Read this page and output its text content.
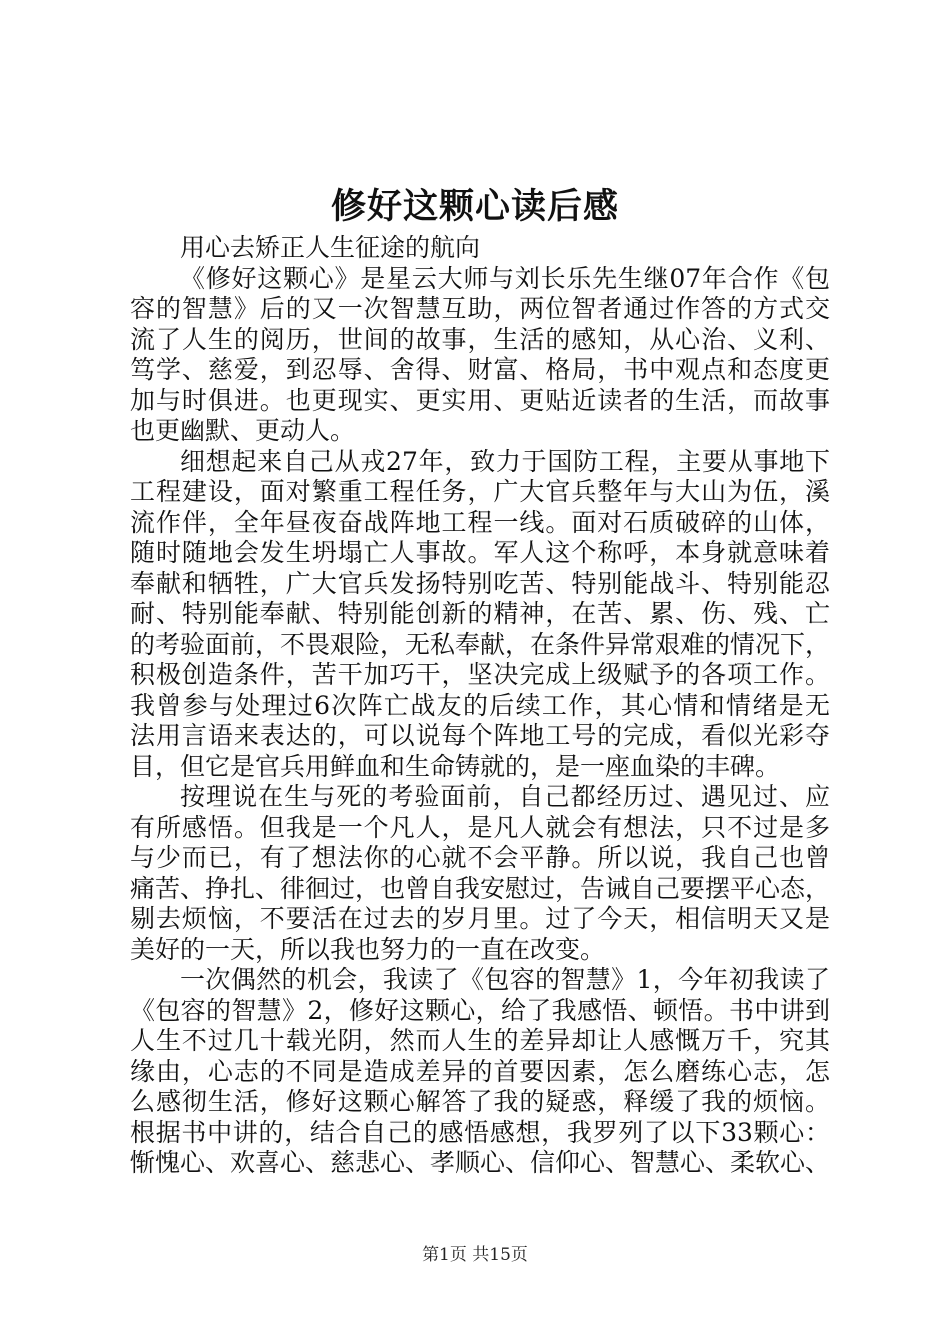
修好这颗心读后感
用心去矫正人生征途的航向
《修好这颗心》是星云大师与刘长乐先生继07年合作《包
容的智慧》后的又一次智慧互助，两位智者通过作答的方式交
流了人生的阅历，世间的故事，生活的感知，从心治、义利、
笃学、慈爱，到忍辱、舍得、财富、格局，书中观点和态度更
加与时俱进。也更现实、更实用、更贴近读者的生活，而故事
也更幽默、更动人。
细想起来自己从戎27年，致力于国防工程，主要从事地下
工程建设，面对繁重工程任务，广大官兵整年与大山为伍，溪
流作伴，全年昼夜奋战阵地工程一线。面对石质破碎的山体，
随时随地会发生坍塌亡人事故。军人这个称呼，本身就意味着
奉献和牺牲，广大官兵发扬特别吃苦、特别能战斗、特别能忍
耐、特别能奉献、特别能创新的精神，在苦、累、伤、残、亡
的考验面前，不畏艰险，无私奉献，在条件异常艰难的情况下，
积极创造条件，苦干加巧干，坚决完成上级赋予的各项工作。
我曾参与处理过6次阵亡战友的后续工作，其心情和情绪是无
法用言语来表达的，可以说每个阵地工号的完成，看似光彩夺
目，但它是官兵用鲜血和生命铸就的，是一座血染的丰碑。
按理说在生与死的考验面前，自己都经历过、遇见过、应
有所感悟。但我是一个凡人，是凡人就会有想法，只不过是多
与少而已，有了想法你的心就不会平静。所以说，我自己也曾
痛苦、挣扎、徘徊过，也曾自我安慰过，告诫自己要摆平心态，
剔去烦恼，不要活在过去的岁月里。过了今天，相信明天又是
美好的一天，所以我也努力的一直在改变。
一次偶然的机会，我读了《包容的智慧》1，今年初我读了
《包容的智慧》2，修好这颗心，给了我感悟、顿悟。书中讲到
人生不过几十载光阴，然而人生的差异却让人感慨万千，究其
缘由，心志的不同是造成差异的首要因素，怎么磨练心志，怎
么感彻生活，修好这颗心解答了我的疑惑，释缓了我的烦恼。
根据书中讲的，结合自己的感悟感想，我罗列了以下33颗心：
惭愧心、欢喜心、慈悲心、孝顺心、信仰心、智慧心、柔软心、
第1页 共15页
